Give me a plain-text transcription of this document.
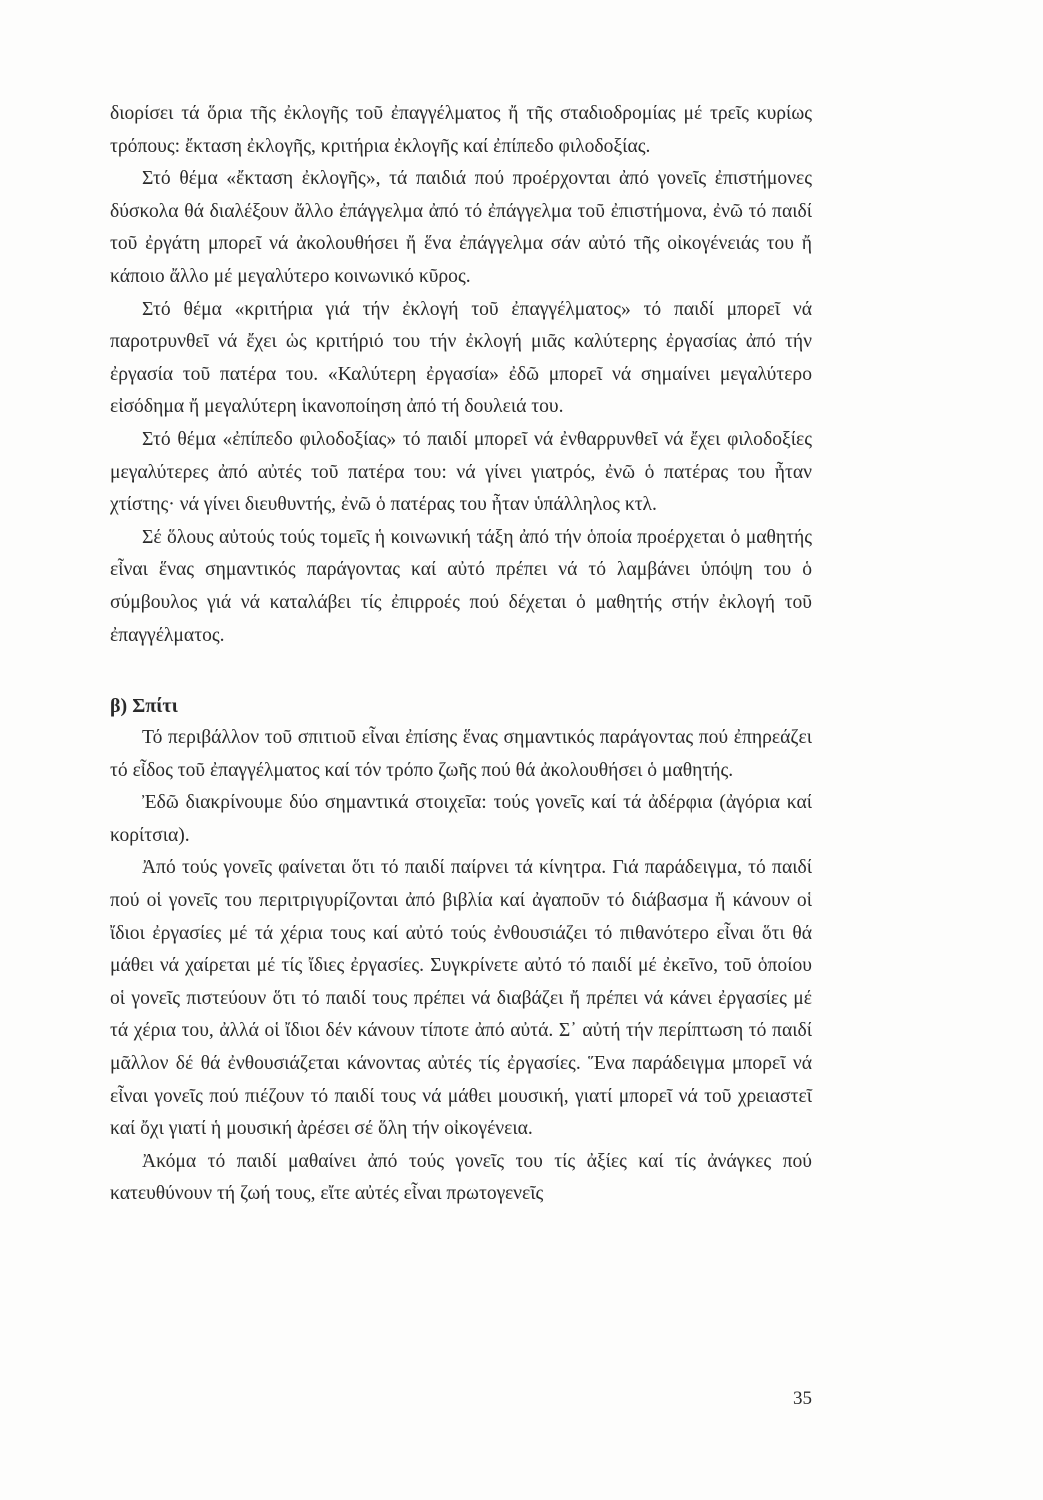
διορίσει τά ὅρια τῆς ἐκλογῆς τοῦ ἐπαγγέλματος ἤ τῆς σταδιοδρομίας μέ τρεῖς κυρίως τρόπους: ἔκταση ἐκλογῆς, κριτήρια ἐκλογῆς καί ἐπίπεδο φιλοδοξίας.

Στό θέμα «ἔκταση ἐκλογῆς», τά παιδιά πού προέρχονται ἀπό γονεῖς ἐπιστήμονες δύσκολα θά διαλέξουν ἄλλο ἐπάγγελμα ἀπό τό ἐπάγγελμα τοῦ ἐπιστήμονα, ἐνῶ τό παιδί τοῦ ἐργάτη μπορεῖ νά ἀκολουθήσει ἤ ἕνα ἐπάγγελμα σάν αὐτό τῆς οἰκογένειάς του ἤ κάποιο ἄλλο μέ μεγαλύτερο κοινωνικό κῦρος.

Στό θέμα «κριτήρια γιά τήν ἐκλογή τοῦ ἐπαγγέλματος» τό παιδί μπορεῖ νά παροτρυνθεῖ νά ἔχει ὡς κριτήριό του τήν ἐκλογή μιᾶς καλύτερης ἐργασίας ἀπό τήν ἐργασία τοῦ πατέρα του. «Καλύτερη ἐργασία» ἐδῶ μπορεῖ νά σημαίνει μεγαλύτερο εἰσόδημα ἤ μεγαλύτερη ἱκανοποίηση ἀπό τή δουλειά του.

Στό θέμα «ἐπίπεδο φιλοδοξίας» τό παιδί μπορεῖ νά ἐνθαρρυνθεῖ νά ἔχει φιλοδοξίες μεγαλύτερες ἀπό αὐτές τοῦ πατέρα του: νά γίνει γιατρός, ἐνῶ ὁ πατέρας του ἦταν χτίστης· νά γίνει διευθυντής, ἐνῶ ὁ πατέρας του ἦταν ὑπάλληλος κτλ.

Σέ ὅλους αὐτούς τούς τομεῖς ἡ κοινωνική τάξη ἀπό τήν ὁποία προέρχεται ὁ μαθητής εἶναι ἕνας σημαντικός παράγοντας καί αὐτό πρέπει νά τό λαμβάνει ὑπόψη του ὁ σύμβουλος γιά νά καταλάβει τίς ἐπιρροές πού δέχεται ὁ μαθητής στήν ἐκλογή τοῦ ἐπαγγέλματος.

β) Σπίτι

Τό περιβάλλον τοῦ σπιτιοῦ εἶναι ἐπίσης ἕνας σημαντικός παράγοντας πού ἐπηρεάζει τό εἶδος τοῦ ἐπαγγέλματος καί τόν τρόπο ζωῆς πού θά ἀκολουθήσει ὁ μαθητής.

Ἐδῶ διακρίνουμε δύο σημαντικά στοιχεῖα: τούς γονεῖς καί τά ἀδέρφια (ἀγόρια καί κορίτσια).

Ἀπό τούς γονεῖς φαίνεται ὅτι τό παιδί παίρνει τά κίνητρα. Γιά παράδειγμα, τό παιδί πού οἱ γονεῖς του περιτριγυρίζονται ἀπό βιβλία καί ἀγαποῦν τό διάβασμα ἤ κάνουν οἱ ἴδιοι ἐργασίες μέ τά χέρια τους καί αὐτό τούς ἐνθουσιάζει τό πιθανότερο εἶναι ὅτι θά μάθει νά χαίρεται μέ τίς ἴδιες ἐργασίες. Συγκρίνετε αὐτό τό παιδί μέ ἐκεῖνο, τοῦ ὁποίου οἱ γονεῖς πιστεύουν ὅτι τό παιδί τους πρέπει νά διαβάζει ἤ πρέπει νά κάνει ἐργασίες μέ τά χέρια του, ἀλλά οἱ ἴδιοι δέν κάνουν τίποτε ἀπό αὐτά. Σ᾿ αὐτή τήν περίπτωση τό παιδί μᾶλλον δέ θά ἐνθουσιάζεται κάνοντας αὐτές τίς ἐργασίες. Ἕνα παράδειγμα μπορεῖ νά εἶναι γονεῖς πού πιέζουν τό παιδί τους νά μάθει μουσική, γιατί μπορεῖ νά τοῦ χρειαστεῖ καί ὄχι γιατί ἡ μουσική ἀρέσει σέ ὅλη τήν οἰκογένεια.

Ἀκόμα τό παιδί μαθαίνει ἀπό τούς γονεῖς του τίς ἀξίες καί τίς ἀνάγκες πού κατευθύνουν τή ζωή τους, εἴτε αὐτές εἶναι πρωτογενεῖς

35
